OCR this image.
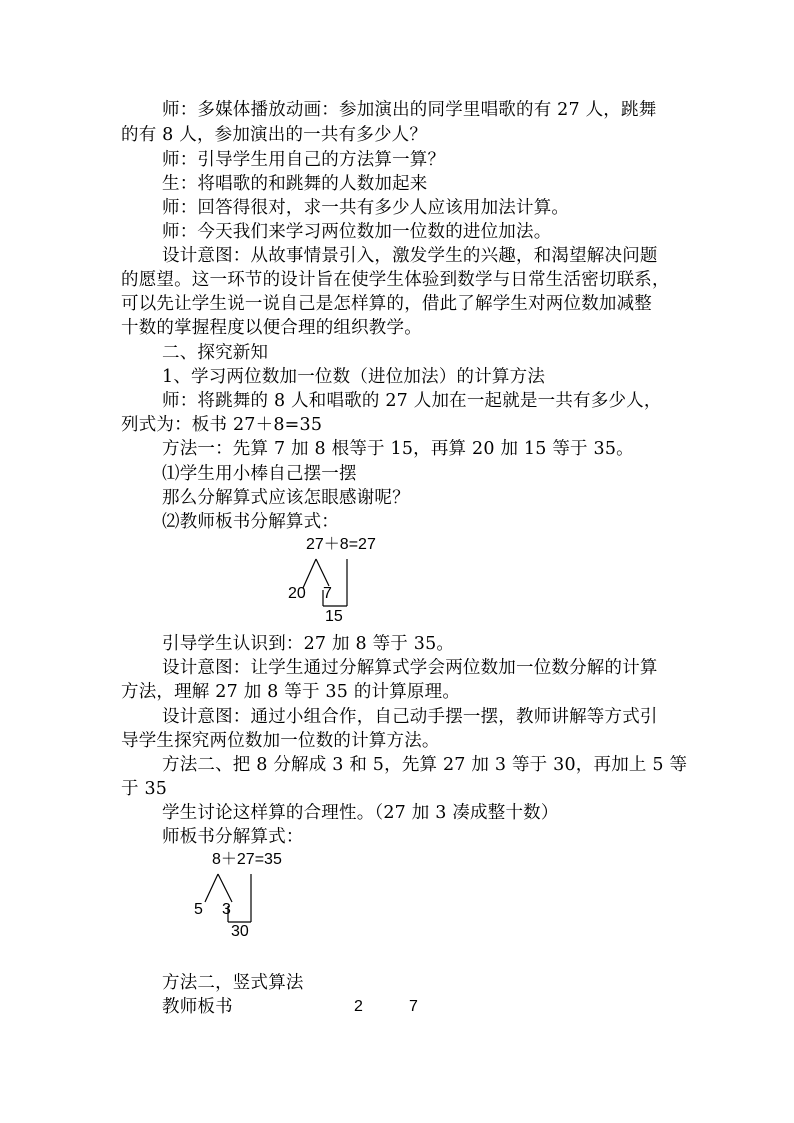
师：多媒体播放动画：参加演出的同学里唱歌的有 27 人，跳舞

的有 8 人，参加演出的一共有多少人？

师：引导学生用自己的方法算一算？

生：将唱歌的和跳舞的人数加起来

师：回答得很对，求一共有多少人应该用加法计算。

师：今天我们来学习两位数加一位数的进位加法。

设计意图：从故事情景引入，激发学生的兴趣，和渴望解决问题

的愿望。这一环节的设计旨在使学生体验到数学与日常生活密切联系，

可以先让学生说一说自己是怎样算的，借此了解学生对两位数加减整

十数的掌握程度以便合理的组织教学。

二、探究新知

1、学习两位数加一位数（进位加法）的计算方法

师：将跳舞的 8 人和唱歌的 27 人加在一起就是一共有多少人，

列式为：板书 27＋8=35

方法一：先算 7 加 8 根等于 15，再算 20 加 15 等于 35。

⑴学生用小棒自己摆一摆

那么分解算式应该怎眼感谢呢？

⑵教师板书分解算式：

27＋8=27
20 7
15

引导学生认识到：27 加 8 等于 35。

设计意图：让学生通过分解算式学会两位数加一位数分解的计算

方法，理解 27 加 8 等于 35 的计算原理。

设计意图：通过小组合作，自己动手摆一摆，教师讲解等方式引

导学生探究两位数加一位数的计算方法。

方法二、把 8 分解成 3 和 5，先算 27 加 3 等于 30，再加上 5 等

于 35

学生讨论这样算的合理性。（27 加 3 凑成整十数）

师板书分解算式：

8＋27=35
5 3
30

方法二，竖式算法

教师板书	2	7
